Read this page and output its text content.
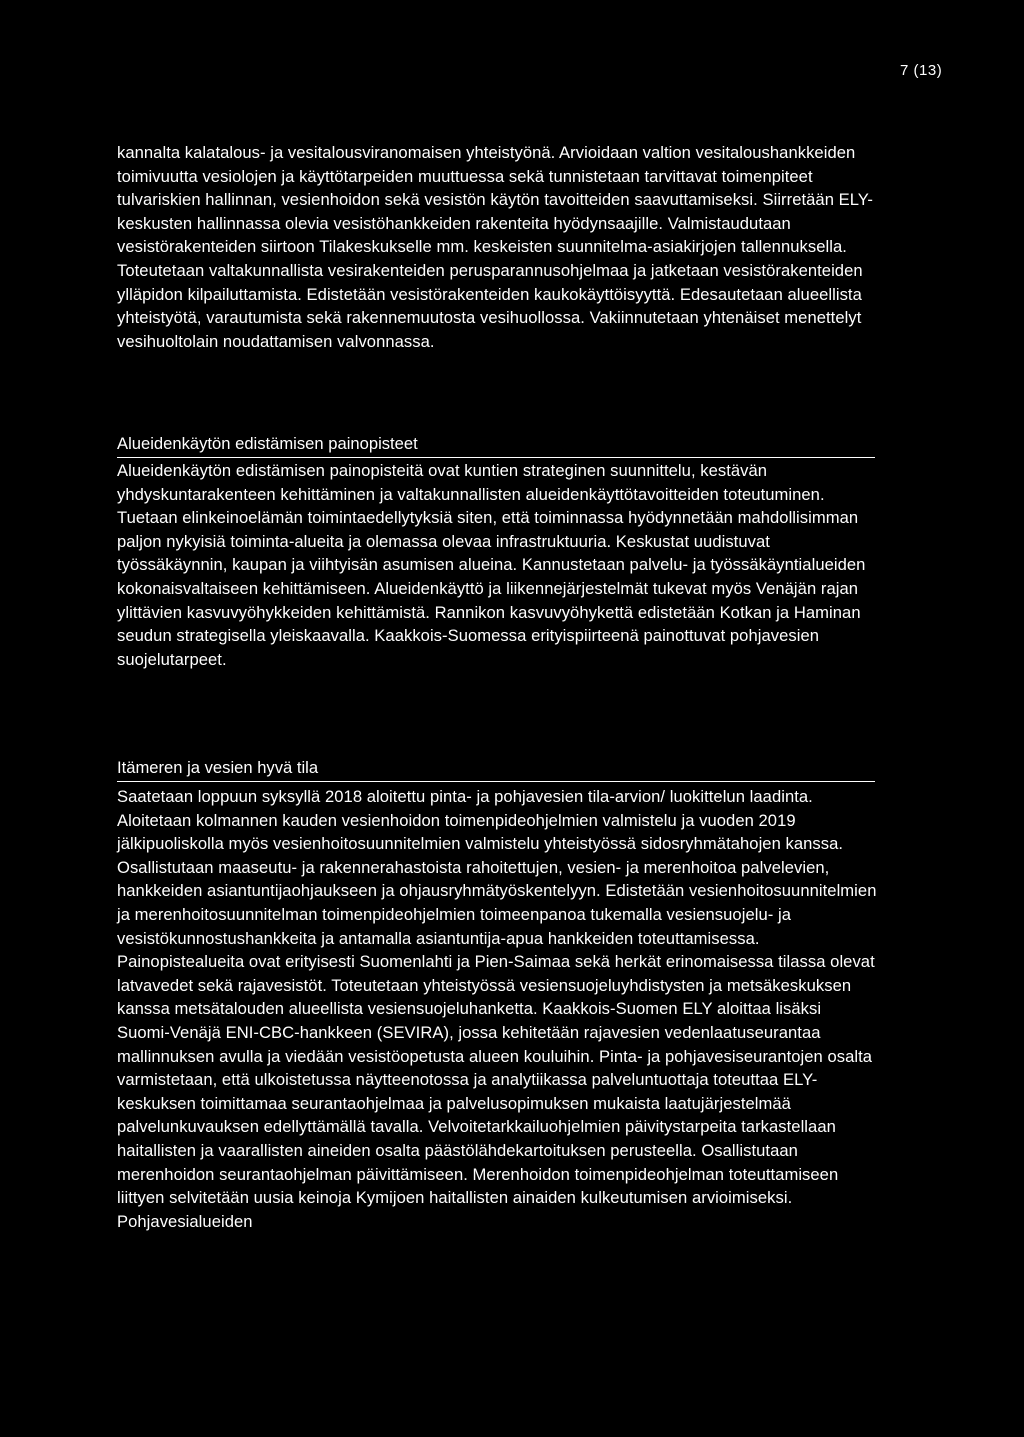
7 (13)

kannalta kalatalous- ja vesitalousviranomaisen yhteistyönä. Arvioidaan valtion vesitaloushankkeiden toimivuutta vesiolojen ja käyttötarpeiden muuttuessa sekä tunnistetaan tarvittavat toimenpiteet tulvariskien hallinnan, vesienhoidon sekä vesistön käytön tavoitteiden saavuttamiseksi. Siirretään ELY-keskusten hallinnassa olevia vesistöhankkeiden rakenteita hyödynsaajille. Valmistaudutaan vesistörakenteiden siirtoon Tilakeskukselle mm. keskeisten suunnitelma-asiakirjojen tallennuksella. Toteutetaan valtakunnallista vesirakenteiden perusparannusohjelmaa ja jatketaan vesistörakenteiden ylläpidon kilpailuttamista. Edistetään vesistörakenteiden kaukokäyttöisyyttä. Edesautetaan alueellista yhteistyötä, varautumista sekä rakennemuutosta vesihuollossa. Vakiinnutetaan yhtenäiset menettelyt vesihuoltolain noudattamisen valvonnassa.

Alueidenkäytön edistämisen painopisteet

Alueidenkäytön edistämisen painopisteitä ovat kuntien strateginen suunnittelu, kestävän yhdyskuntarakenteen kehittäminen ja valtakunnallisten alueidenkäyttötavoitteiden toteutuminen. Tuetaan elinkeinoelämän toimintaedellytyksiä siten, että toiminnassa hyödynnetään mahdollisimman paljon nykyisiä toiminta-alueita ja olemassa olevaa infrastruktuuria. Keskustat uudistuvat työssäkäynnin, kaupan ja viihtyisän asumisen alueina. Kannustetaan palvelu- ja työssäkäyntialueiden kokonaisvaltaiseen kehittämiseen. Alueidenkäyttö ja liikennejärjestelmät tukevat myös Venäjän rajan ylittävien kasvuvyöhykkeiden kehittämistä. Rannikon kasvuvyöhykettä edistetään Kotkan ja Haminan seudun strategisella yleiskaavalla. Kaakkois-Suomessa erityispiirteenä painottuvat pohjavesien suojelutarpeet.

Itämeren ja vesien hyvä tila

Saatetaan loppuun syksyllä 2018 aloitettu pinta- ja pohjavesien tila-arvion/ luokittelun laadinta. Aloitetaan kolmannen kauden vesienhoidon toimenpideohjelmien valmistelu ja vuoden 2019 jälkipuoliskolla myös vesienhoitosuunnitelmien valmistelu yhteistyössä sidosryhmätahojen kanssa. Osallistutaan maaseutu- ja rakennerahastoista rahoitettujen, vesien- ja merenhoitoa palvelevien, hankkeiden asiantuntijaohjaukseen ja ohjausryhmätyöskentelyyn. Edistetään vesienhoitosuunnitelmien ja merenhoitosuunnitelman toimenpideohjelmien toimeenpanoa tukemalla vesiensuojelu- ja vesistökunnostushankkeita ja antamalla asiantuntija-apua hankkeiden toteuttamisessa. Painopistealueita ovat erityisesti Suomenlahti ja Pien-Saimaa sekä herkät erinomaisessa tilassa olevat latvavedet sekä rajavesistöt. Toteutetaan yhteistyössä vesiensuojeluyhdistysten ja metsäkeskuksen kanssa metsätalouden alueellista vesiensuojeluhanketta. Kaakkois-Suomen ELY aloittaa lisäksi Suomi-Venäjä ENI-CBC-hankkeen (SEVIRA), jossa kehitetään rajavesien vedenlaatuseurantaa mallinnuksen avulla ja viedään vesistöopetusta alueen kouluihin. Pinta- ja pohjavesiseurantojen osalta varmistetaan, että ulkoistetussa näytteenotossa ja analytiikassa palveluntuottaja toteuttaa ELY-keskuksen toimittamaa seurantaohjelmaa ja palvelusopimuksen mukaista laatujärjestelmää palvelunkuvauksen edellyttämällä tavalla. Velvoitetarkkailuohjelmien päivitystarpeita tarkastellaan haitallisten ja vaarallisten aineiden osalta päästölähdekartoituksen perusteella. Osallistutaan merenhoidon seurantaohjelman päivittämiseen. Merenhoidon toimenpideohjelman toteuttamiseen liittyen selvitetään uusia keinoja Kymijoen haitallisten ainaiden kulkeutumisen arvioimiseksi. Pohjavesialueiden
